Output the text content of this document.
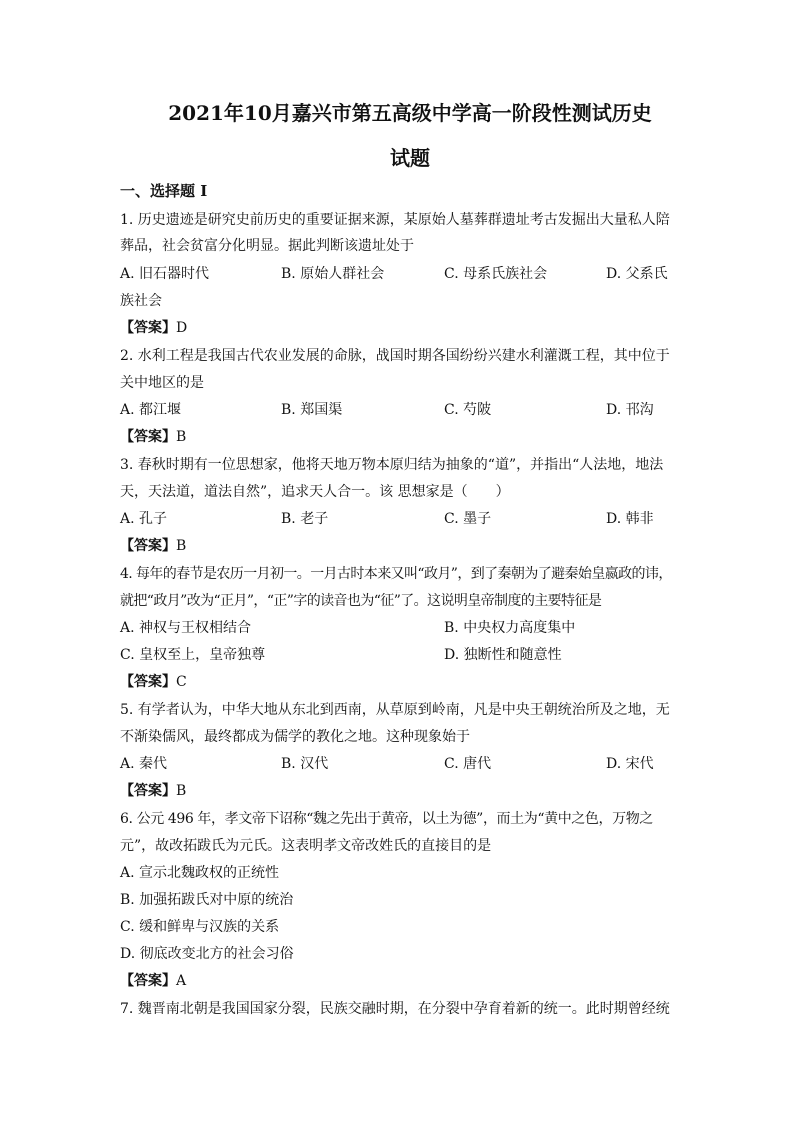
2021年10月嘉兴市第五高级中学高一阶段性测试历史
试题
一、选择题 I
1. 历史遗迹是研究史前历史的重要证据来源，某原始人墓葬群遗址考古发掘出大量私人陪
葬品，社会贫富分化明显。据此判断该遗址处于
A. 旧石器时代	B. 原始人群社会	C. 母系氏族社会	D. 父系氏
族社会
【答案】D
2. 水利工程是我国古代农业发展的命脉，战国时期各国纷纷兴建水利灌溉工程，其中位于
关中地区的是
A. 都江堰	B. 郑国渠	C. 芍陂	D. 邗沟
【答案】B
3. 春秋时期有一位思想家，他将天地万物本原归结为抽象的“道”，并指出“人法地，地法
天，天法道，道法自然”，追求天人合一。该 思想家是（　　）
A. 孔子	B. 老子	C. 墨子	D. 韩非
【答案】B
4. 每年的春节是农历一月初一。一月古时本来又叫“政月”，到了秦朝为了避秦始皇嬴政的讳，
就把“政月”改为“正月”，“正”字的读音也为“征”了。这说明皇帝制度的主要特征是
A. 神权与王权相结合	B. 中央权力高度集中
C. 皇权至上，皇帝独尊	D. 独断性和随意性
【答案】C
5. 有学者认为，中华大地从东北到西南，从草原到岭南，凡是中央王朝统治所及之地，无
不渐染儒风，最终都成为儒学的教化之地。这种现象始于
A. 秦代	B. 汉代	C. 唐代	D. 宋代
【答案】B
6. 公元 496 年，孝文帝下诏称“魏之先出于黄帝，以土为德”，而土为“黄中之色，万物之
元”，故改拓跋氏为元氏。这表明孝文帝改姓氏的直接目的是
A. 宣示北魏政权的正统性
B. 加强拓跋氏对中原的统治
C. 缓和鲜卑与汉族的关系
D. 彻底改变北方的社会习俗
【答案】A
7. 魏晋南北朝是我国国家分裂，民族交融时期，在分裂中孕育着新的统一。此时期曾经统
